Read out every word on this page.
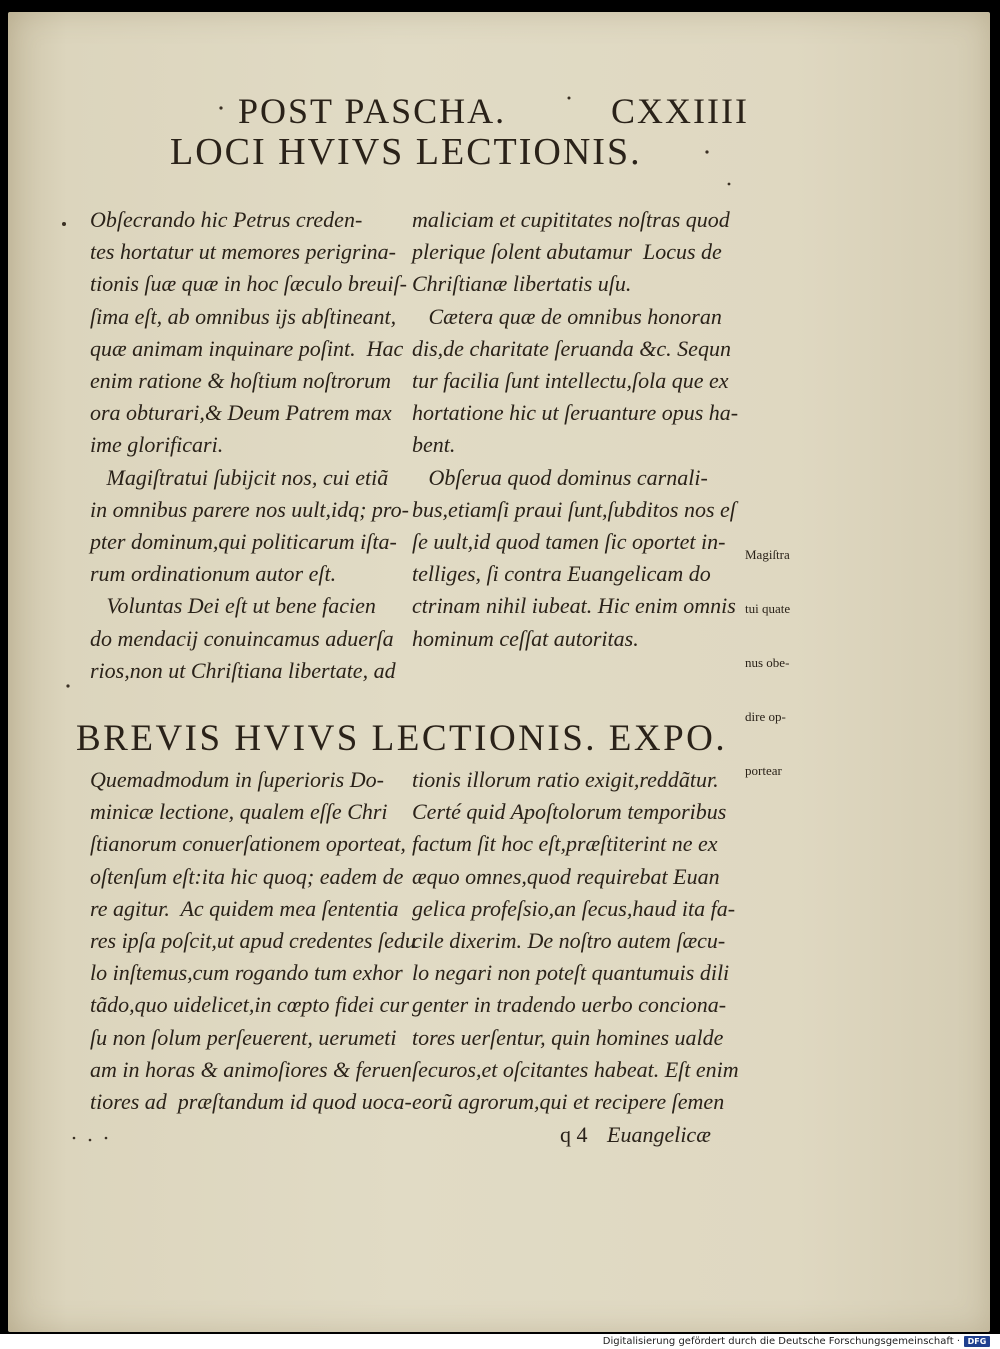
POST PASCHA.	CXXIIII
LOCI HVIVS LECTIONIS.

Obſecrando hic Petrus creden-

tes hortatur ut memores perigrina-

tionis ſuæ quæ in hoc ſæculo breuiſ-

ſima eſt, ab omnibus ijs abſtineant,

quæ animam inquinare poſint.  Hac

enim ratione & hoſtium noſtrorum

ora obturari,& Deum Patrem max

ime glorificari.

Magiſtratui ſubijcit nos, cui etiã

in omnibus parere nos uult,idq; pro-

pter dominum,qui politicarum iſta-

rum ordinationum autor eſt.

Voluntas Dei eſt ut bene facien

do mendacij conuincamus aduerſa

rios,non ut Chriſtiana libertate, ad

maliciam et cupititates noſtras quod

plerique ſolent abutamur  Locus de

Chriſtianæ libertatis uſu.

Cætera quæ de omnibus honoran

dis,de charitate ſeruanda &c. Sequn

tur facilia ſunt intellectu,ſola que ex

hortatione hic ut ſeruanture opus ha-

bent.

Obſerua quod dominus carnali-

bus,etiamſi praui ſunt,ſubditos nos eſ

ſe uult,id quod tamen ſic oportet in-

telliges, ſi contra Euangelicam do

ctrinam nihil iubeat. Hic enim omnis

hominum ceſſat autoritas.

Magiſtra

tui quate

nus obe-

dire op-

portear

BREVIS HVIVS LECTIONIS. EXPO.

Quemadmodum in ſuperioris Do-

minicæ lectione, qualem eſſe Chri

ſtianorum conuerſationem oporteat,

oſtenſum eſt:ita hic quoq; eadem de

re agitur.  Ac quidem mea ſententia

res ipſa poſcit,ut apud credentes ſedu

lo inſtemus,cum rogando tum exhor

tãdo,quo uidelicet,in cœpto fidei cur

ſu non ſolum perſeuerent, uerumeti

am in horas & animoſiores & feruen

tiores ad  præſtandum id quod uoca-

tionis illorum ratio exigit,reddãtur.

Certé quid Apoſtolorum temporibus

factum ſit hoc eſt,præſtiterint ne ex

æquo omnes,quod requirebat Euan

gelica profeſsio,an ſecus,haud ita fa-

cile dixerim. De noſtro autem ſæcu-

lo negari non poteſt quantumuis dili

genter in tradendo uerbo conciona-

tores uerſentur, quin homines ualde

ſecuros,et oſcitantes habeat. Eſt enim

eorũ agrorum,qui et recipere ſemen

q 4 Euangelicæ
Digitalisierung gefördert durch die Deutsche Forschungsgemeinschaft · DFG
